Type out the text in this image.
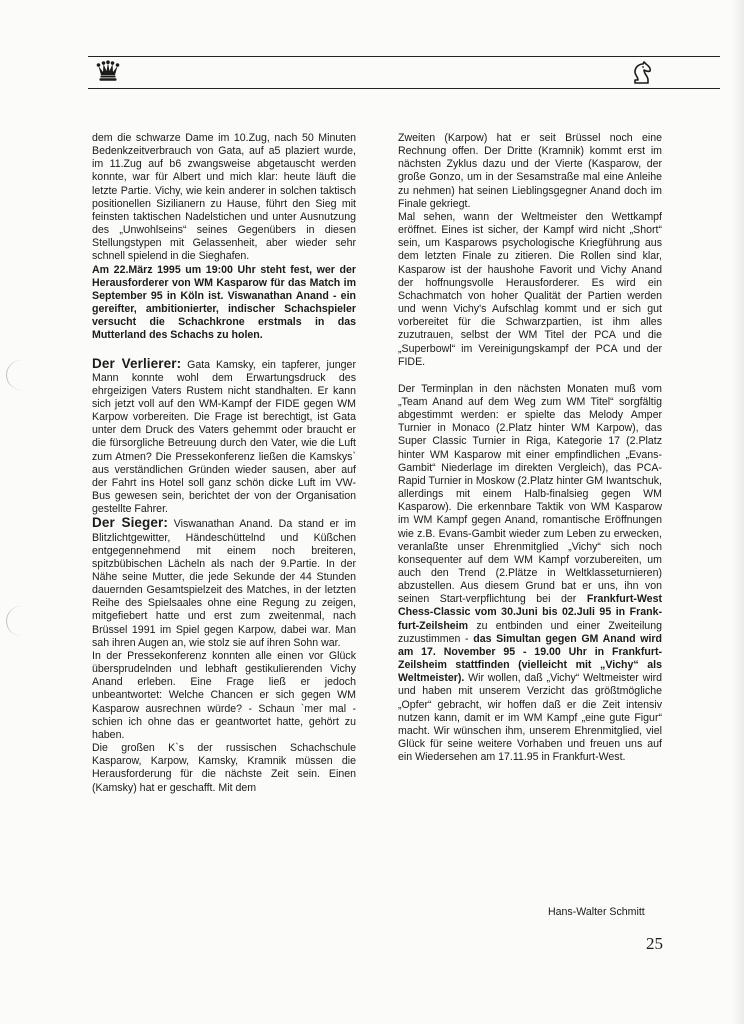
dem die schwarze Dame im 10.Zug, nach 50 Minuten Bedenkzeitverbrauch von Gata, auf a5 plaziert wurde, im 11.Zug auf b6 zwangsweise abgetauscht werden konnte, war für Albert und mich klar: heute läuft die letzte Partie. Vichy, wie kein anderer in solchen taktisch positionellen Sizilianern zu Hause, führt den Sieg mit feinsten taktischen Nadelstichen und unter Ausnutzung des „Unwohlseins“ seines Gegenübers in diesen Stellungstypen mit Gelassenheit, aber wieder sehr schnell spielend in die Sieghafen.

Am 22.März 1995 um 19:00 Uhr steht fest, wer der Herausforderer von WM Kasparow für das Match im September 95 in Köln ist. Viswanathan Anand - ein gereifter, ambitionierter, indischer Schachspieler versucht die Schachkrone erstmals in das Mutterland des Schachs zu holen.

Der Verlierer: Gata Kamsky, ein tapferer, junger Mann konnte wohl dem Erwartungsdruck des ehrgeizigen Vaters Rustem nicht standhalten. Er kann sich jetzt voll auf den WM-Kampf der FIDE gegen WM Karpow vorbereiten. Die Frage ist berechtigt, ist Gata unter dem Druck des Vaters gehemmt oder braucht er die fürsorgliche Betreuung durch den Vater, wie die Luft zum Atmen? Die Pressekonferenz ließen die Kamskys` aus verständlichen Gründen wieder sausen, aber auf der Fahrt ins Hotel soll ganz schön dicke Luft im VW-Bus gewesen sein, berichtet der von der Organisation gestellte Fahrer.

Der Sieger: Viswanathan Anand. Da stand er im Blitzlichtgewitter, Händeschüttelnd und Küßchen entgegennehmend mit einem noch breiteren, spitzbübischen Lächeln als nach der 9.Partie. In der Nähe seine Mutter, die jede Sekunde der 44 Stunden dauernden Gesamtspielzeit des Matches, in der letzten Reihe des Spielsaales ohne eine Regung zu zeigen, mitgefiebert hatte und erst zum zweitenmal, nach Brüssel 1991 im Spiel gegen Karpow, dabei war. Man sah ihren Augen an, wie stolz sie auf ihren Sohn war.

In der Pressekonferenz konnten alle einen vor Glück übersprudelnden und lebhaft gestikulierenden Vichy Anand erleben. Eine Frage ließ er jedoch unbeantwortet: Welche Chancen er sich gegen WM Kasparow ausrechnen würde? - Schaun `mer mal - schien ich ohne das er geantwortet hatte, gehört zu haben.

Die großen K`s der russischen Schachschule Kasparow, Karpow, Kamsky, Kramnik müssen die Herausforderung für die nächste Zeit sein. Einen (Kamsky) hat er geschafft. Mit dem

Zweiten (Karpow) hat er seit Brüssel noch eine Rechnung offen. Der Dritte (Kramnik) kommt erst im nächsten Zyklus dazu und der Vierte (Kasparow, der große Gonzo, um in der Sesamstraße mal eine Anleihe zu nehmen) hat seinen Lieblingsgegner Anand doch im Finale gekriegt.

Mal sehen, wann der Weltmeister den Wettkampf eröffnet. Eines ist sicher, der Kampf wird nicht „Short“ sein, um Kasparows psychologische Kriegführung aus dem letzten Finale zu zitieren. Die Rollen sind klar, Kasparow ist der haushohe Favorit und Vichy Anand der hoffnungsvolle Herausforderer. Es wird ein Schachmatch von hoher Qualität der Partien werden und wenn Vichy's Aufschlag kommt und er sich gut vorbereitet für die Schwarzpartien, ist ihm alles zuzutrauen, selbst der WM Titel der PCA und die „Superbowl“ im Vereinigungskampf der PCA und der FIDE.

Der Terminplan in den nächsten Monaten muß vom „Team Anand auf dem Weg zum WM Titel“ sorgfältig abgestimmt werden: er spielte das Melody Amper Turnier in Monaco (2.Platz hinter WM Karpow), das Super Classic Turnier in Riga, Kategorie 17 (2.Platz hinter WM Kasparow mit einer empfindlichen „Evans-Gambit“ Niederlage im direkten Vergleich), das PCA-Rapid Turnier in Moskow (2.Platz hinter GM Iwantschuk, allerdings mit einem Halb-finalsieg gegen WM Kasparow). Die erkennbare Taktik von WM Kasparow im WM Kampf gegen Anand, romantische Eröffnungen wie z.B. Evans-Gambit wieder zum Leben zu erwecken, veranlaßte unser Ehrenmitglied „Vichy“ sich noch konsequenter auf dem WM Kampf vorzubereiten, um auch den Trend (2.Plätze in Weltklasseturnieren) abzustellen. Aus diesem Grund bat er uns, ihn von seinen Start-verpflichtung bei der Frankfurt-West Chess-Classic vom 30.Juni bis 02.Juli 95 in Frank-furt-Zeilsheim zu entbinden und einer Zweiteilung zuzustimmen - das Simultan gegen GM Anand wird am 17. November 95 - 19.00 Uhr in Frankfurt-Zeilsheim stattfinden (vielleicht mit „Vichy“ als Weltmeister). Wir wollen, daß „Vichy“ Weltmeister wird und haben mit unserem Verzicht das größtmögliche „Opfer“ gebracht, wir hoffen daß er die Zeit intensiv nutzen kann, damit er im WM Kampf „eine gute Figur“ macht. Wir wünschen ihm, unserem Ehrenmitglied, viel Glück für seine weitere Vorhaben und freuen uns auf ein Wiedersehen am 17.11.95 in Frankfurt-West.

Hans-Walter Schmitt
25
